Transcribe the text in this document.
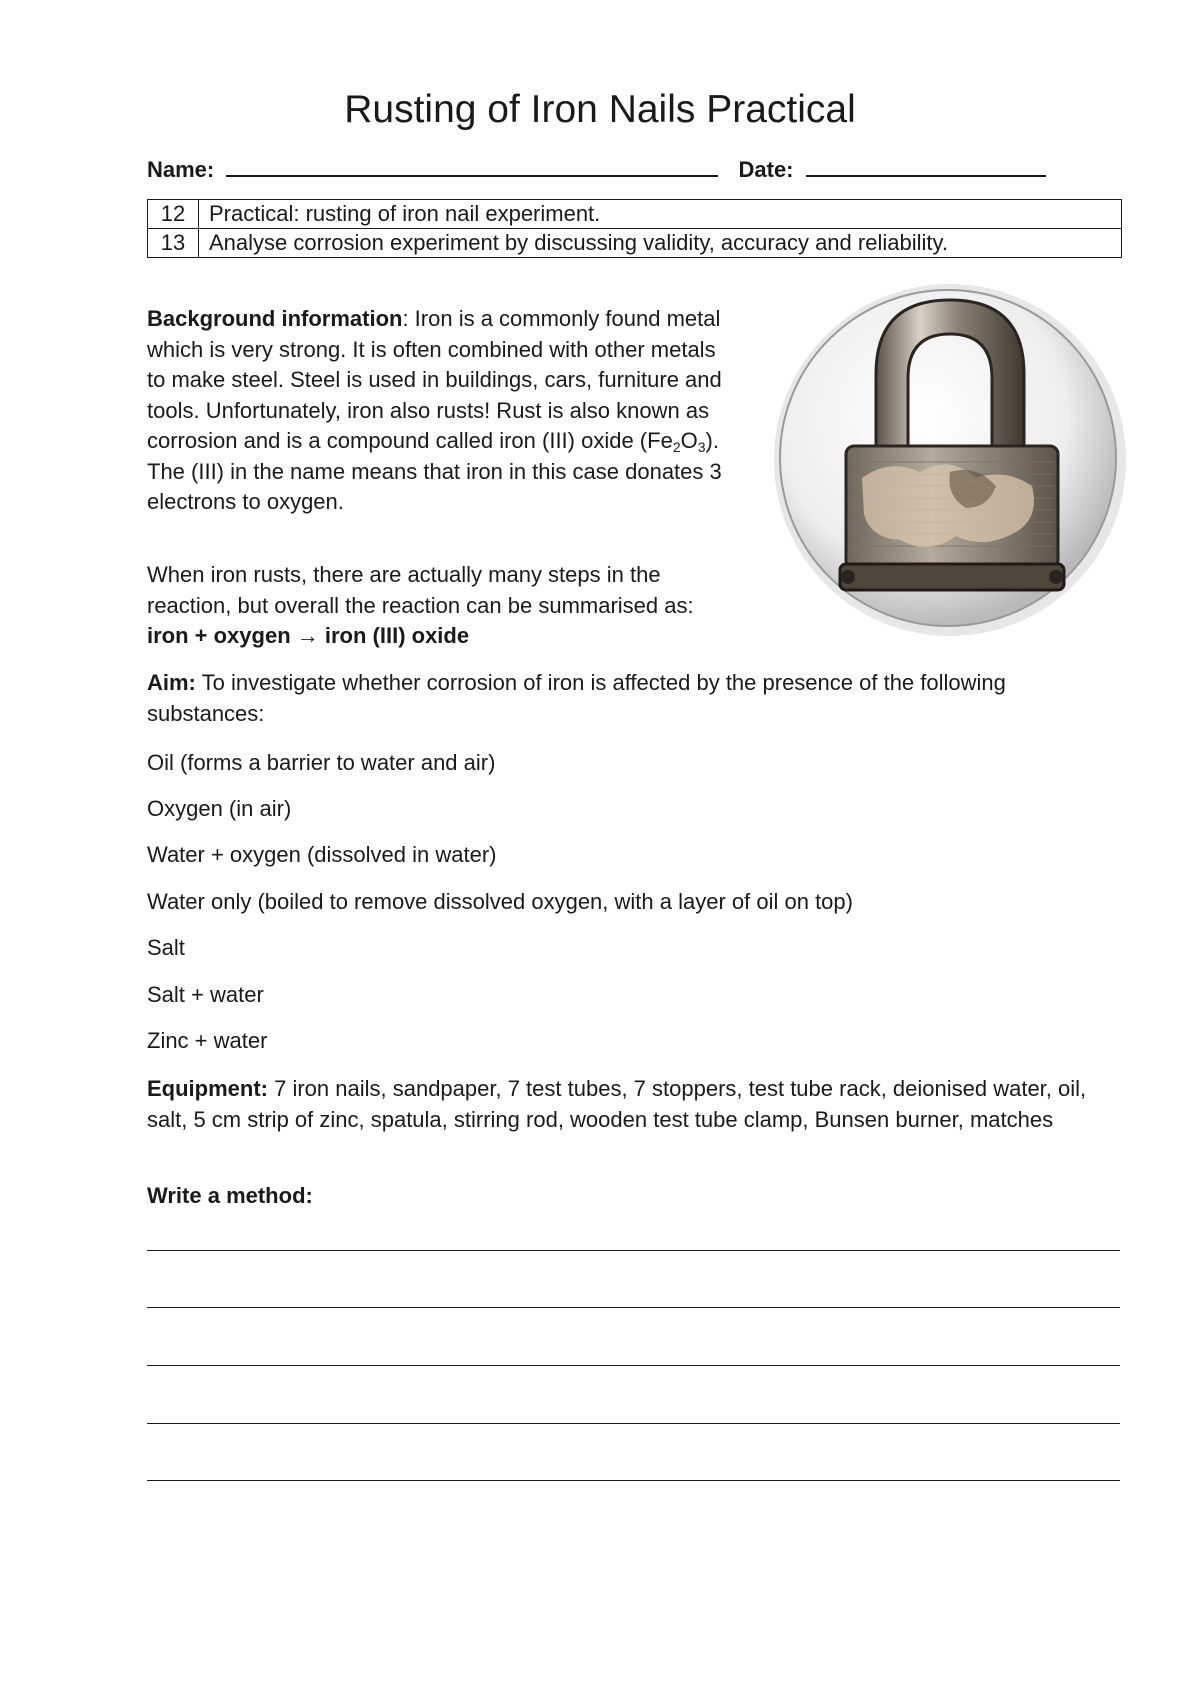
Rusting of Iron Nails Practical
Name:	Date:
12	Practical: rusting of iron nail experiment.
13	Analyse corrosion experiment by discussing validity, accuracy and reliability.

Background information: Iron is a commonly found metal which is very strong. It is often combined with other metals to make steel. Steel is used in buildings, cars, furniture and tools. Unfortunately, iron also rusts! Rust is also known as corrosion and is a compound called iron (III) oxide $(Fe_2O_3)$. The (III) in the name means that iron in this case donates 3 electrons to oxygen.

When iron rusts, there are actually many steps in the reaction, but overall the reaction can be summarised as: iron + oxygen → iron (III) oxide

Aim: To investigate whether corrosion of iron is affected by the presence of the following substances:

Oil (forms a barrier to water and air)

Oxygen (in air)

Water + oxygen (dissolved in water)

Water only (boiled to remove dissolved oxygen, with a layer of oil on top)

Salt

Salt + water

Zinc + water

Equipment: 7 iron nails, sandpaper, 7 test tubes, 7 stoppers, test tube rack, deionised water, oil, salt, 5 cm strip of zinc, spatula, stirring rod, wooden test tube clamp, Bunsen burner, matches

Write a method:
